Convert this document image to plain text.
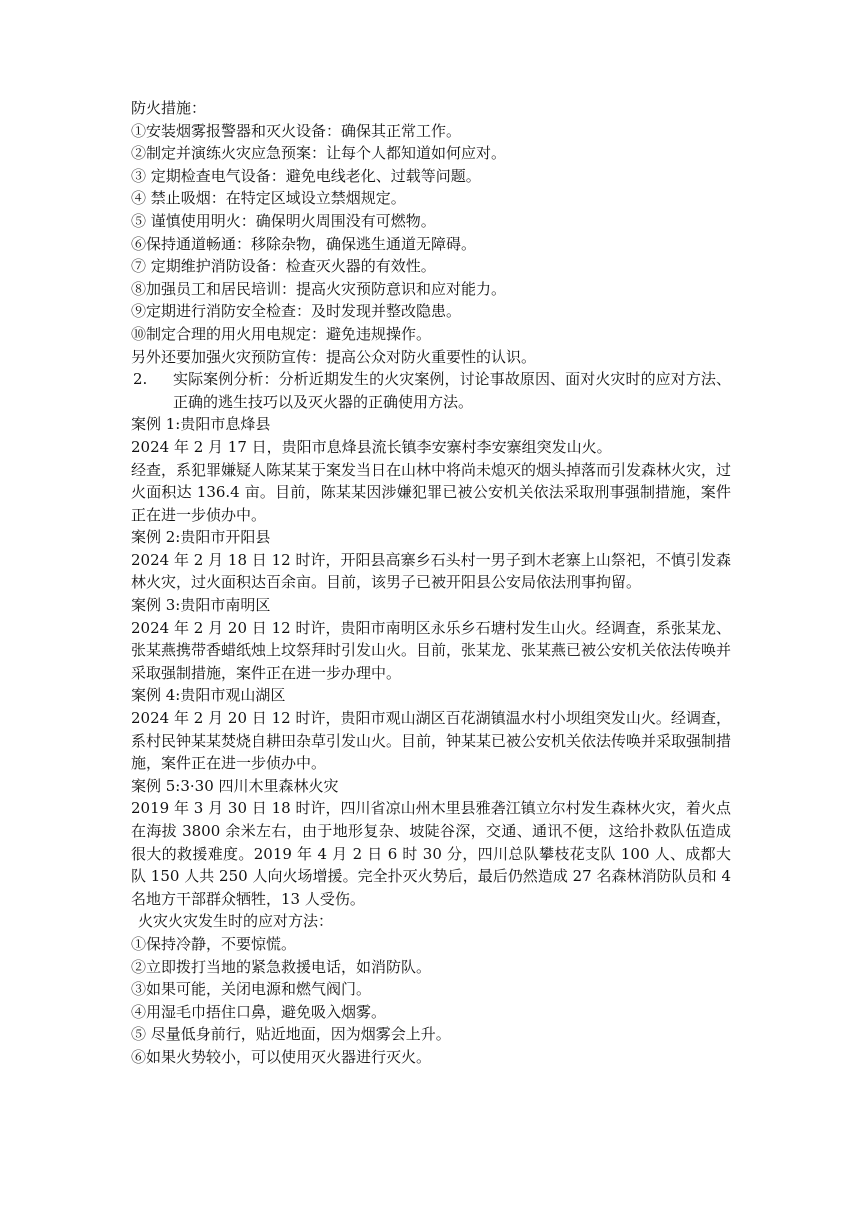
防火措施：

①安装烟雾报警器和灭火设备：确保其正常工作。

②制定并演练火灾应急预案：让每个人都知道如何应对。

③ 定期检查电气设备：避免电线老化、过载等问题。

④ 禁止吸烟：在特定区域设立禁烟规定。

⑤ 谨慎使用明火：确保明火周围没有可燃物。

⑥保持通道畅通：移除杂物，确保逃生通道无障碍。

⑦ 定期维护消防设备：检查灭火器的有效性。

⑧加强员工和居民培训：提高火灾预防意识和应对能力。

⑨定期进行消防安全检查：及时发现并整改隐患。

⑩制定合理的用火用电规定：避免违规操作。

另外还要加强火灾预防宣传：提高公众对防火重要性的认识。

2. 实际案例分析：分析近期发生的火灾案例，讨论事故原因、面对火灾时的应对方法、正确的逃生技巧以及灭火器的正确使用方法。

案例 1:贵阳市息烽县

2024 年 2 月 17 日，贵阳市息烽县流长镇李安寨村李安寨组突发山火。

经查，系犯罪嫌疑人陈某某于案发当日在山林中将尚未熄灭的烟头掉落而引发森林火灾，过火面积达 136.4 亩。目前，陈某某因涉嫌犯罪已被公安机关依法采取刑事强制措施，案件正在进一步侦办中。

案例 2:贵阳市开阳县

2024 年 2 月 18 日 12 时许，开阳县高寨乡石头村一男子到木老寨上山祭祀，不慎引发森林火灾，过火面积达百余亩。目前，该男子已被开阳县公安局依法刑事拘留。

案例 3:贵阳市南明区

2024 年 2 月 20 日 12 时许，贵阳市南明区永乐乡石塘村发生山火。经调查，系张某龙、张某燕携带香蜡纸烛上坟祭拜时引发山火。目前，张某龙、张某燕已被公安机关依法传唤并采取强制措施，案件正在进一步办理中。

案例 4:贵阳市观山湖区

2024 年 2 月 20 日 12 时许，贵阳市观山湖区百花湖镇温水村小坝组突发山火。经调查，系村民钟某某焚烧自耕田杂草引发山火。目前，钟某某已被公安机关依法传唤并采取强制措施，案件正在进一步侦办中。

案例 5:3·30 四川木里森林火灾

2019 年 3 月 30 日 18 时许，四川省凉山州木里县雅砻江镇立尔村发生森林火灾，着火点在海拔 3800 余米左右，由于地形复杂、坡陡谷深，交通、通讯不便，这给扑救队伍造成很大的救援难度。2019 年 4 月 2 日 6 时 30 分，四川总队攀枝花支队 100 人、成都大队 150 人共 250 人向火场增援。完全扑灭火势后，最后仍然造成 27 名森林消防队员和 4 名地方干部群众牺牲，13 人受伤。

火灾火灾发生时的应对方法：

①保持冷静，不要惊慌。

②立即拨打当地的紧急救援电话，如消防队。

③如果可能，关闭电源和燃气阀门。

④用湿毛巾捂住口鼻，避免吸入烟雾。

⑤ 尽量低身前行，贴近地面，因为烟雾会上升。

⑥如果火势较小，可以使用灭火器进行灭火。
